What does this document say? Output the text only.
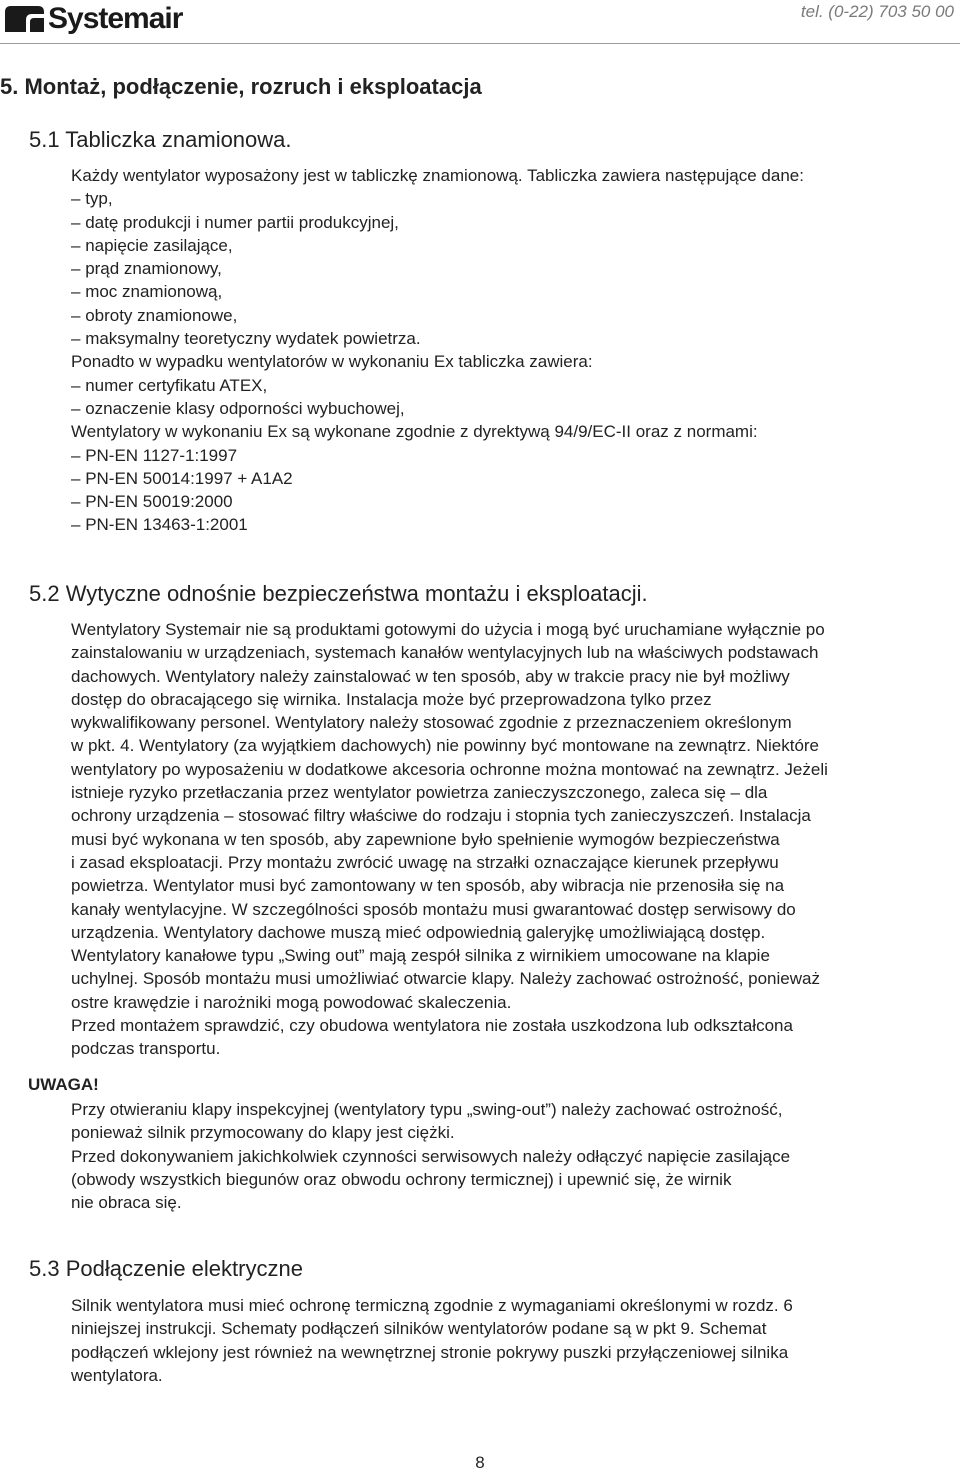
Systemair	tel. (0-22) 703 50 00
5. Montaż, podłączenie, rozruch i eksploatacja
5.1 Tabliczka znamionowa.
Każdy wentylator wyposażony jest w tabliczkę znamionową. Tabliczka zawiera następujące dane:
– typ,
– datę produkcji i numer partii produkcyjnej,
– napięcie zasilające,
– prąd znamionowy,
– moc znamionową,
– obroty znamionowe,
– maksymalny teoretyczny wydatek powietrza.
Ponadto w wypadku wentylatorów w wykonaniu Ex tabliczka zawiera:
– numer certyfikatu ATEX,
– oznaczenie klasy odporności wybuchowej,
Wentylatory w wykonaniu Ex są wykonane zgodnie z dyrektywą 94/9/EC-II oraz z normami:
– PN-EN 1127-1:1997
– PN-EN 50014:1997 + A1A2
– PN-EN 50019:2000
– PN-EN 13463-1:2001
5.2 Wytyczne odnośnie bezpieczeństwa montażu i eksploatacji.
Wentylatory Systemair nie są produktami gotowymi do użycia i mogą być uruchamiane wyłącznie po
zainstalowaniu w urządzeniach, systemach kanałów wentylacyjnych lub na właściwych podstawach
dachowych. Wentylatory należy zainstalować w ten sposób, aby w trakcie pracy nie był możliwy
dostęp do obracającego się wirnika. Instalacja może być przeprowadzona tylko przez
wykwalifikowany personel. Wentylatory należy stosować zgodnie z przeznaczeniem określonym
w pkt. 4. Wentylatory (za wyjątkiem dachowych) nie powinny być montowane na zewnątrz. Niektóre
wentylatory po wyposażeniu w dodatkowe akcesoria ochronne można montować na zewnątrz. Jeżeli
istnieje ryzyko przetłaczania przez wentylator powietrza zanieczyszczonego, zaleca się – dla
ochrony urządzenia – stosować filtry właściwe do rodzaju i stopnia tych zanieczyszczeń. Instalacja
musi być wykonana w ten sposób, aby zapewnione było spełnienie wymogów bezpieczeństwa
i zasad eksploatacji. Przy montażu zwrócić uwagę na strzałki oznaczające kierunek przepływu
powietrza. Wentylator musi być zamontowany w ten sposób, aby wibracja nie przenosiła się na
kanały wentylacyjne. W szczególności sposób montażu musi gwarantować dostęp serwisowy do
urządzenia. Wentylatory dachowe muszą mieć odpowiednią galeryjkę umożliwiającą dostęp.
Wentylatory kanałowe typu „Swing out” mają zespół silnika z wirnikiem umocowane na klapie
uchylnej. Sposób montażu musi umożliwiać otwarcie klapy. Należy zachować ostrożność, ponieważ
ostre krawędzie i narożniki mogą powodować skaleczenia.
Przed montażem sprawdzić, czy obudowa wentylatora nie została uszkodzona lub odkształcona
podczas transportu.
UWAGA!
Przy otwieraniu klapy inspekcyjnej (wentylatory typu „swing-out”) należy zachować ostrożność,
ponieważ silnik przymocowany do klapy jest ciężki.
Przed dokonywaniem jakichkolwiek czynności serwisowych należy odłączyć napięcie zasilające
(obwody wszystkich biegunów oraz obwodu ochrony termicznej) i upewnić się, że wirnik
nie obraca się.
5.3 Podłączenie elektryczne
Silnik wentylatora musi mieć ochronę termiczną zgodnie z wymaganiami określonymi w rozdz. 6
niniejszej instrukcji. Schematy podłączeń silników wentylatorów podane są w pkt 9. Schemat
podłączeń wklejony jest również na wewnętrznej stronie pokrywy puszki przyłączeniowej silnika
wentylatora.
8
